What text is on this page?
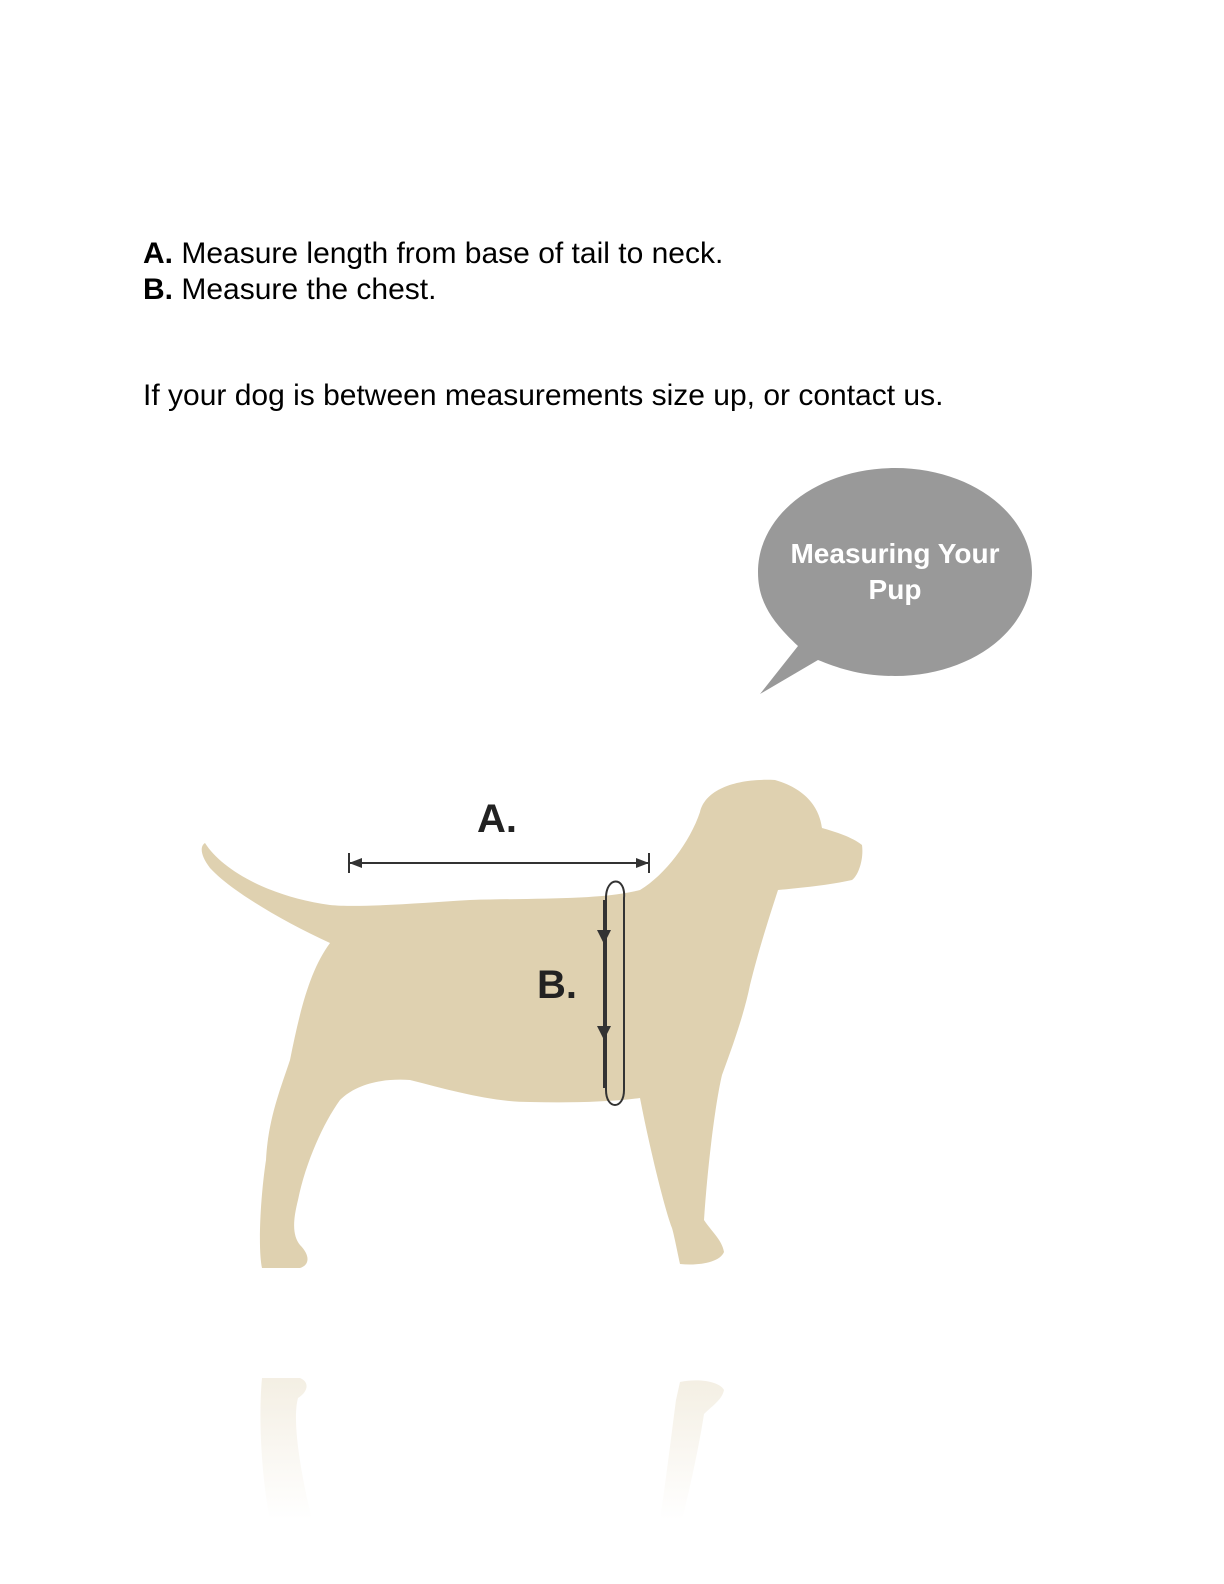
A. Measure length from base of tail to neck.
B. Measure the chest.
If your dog is between measurements size up, or contact us.
Measuring Your
Pup
A.
B.
